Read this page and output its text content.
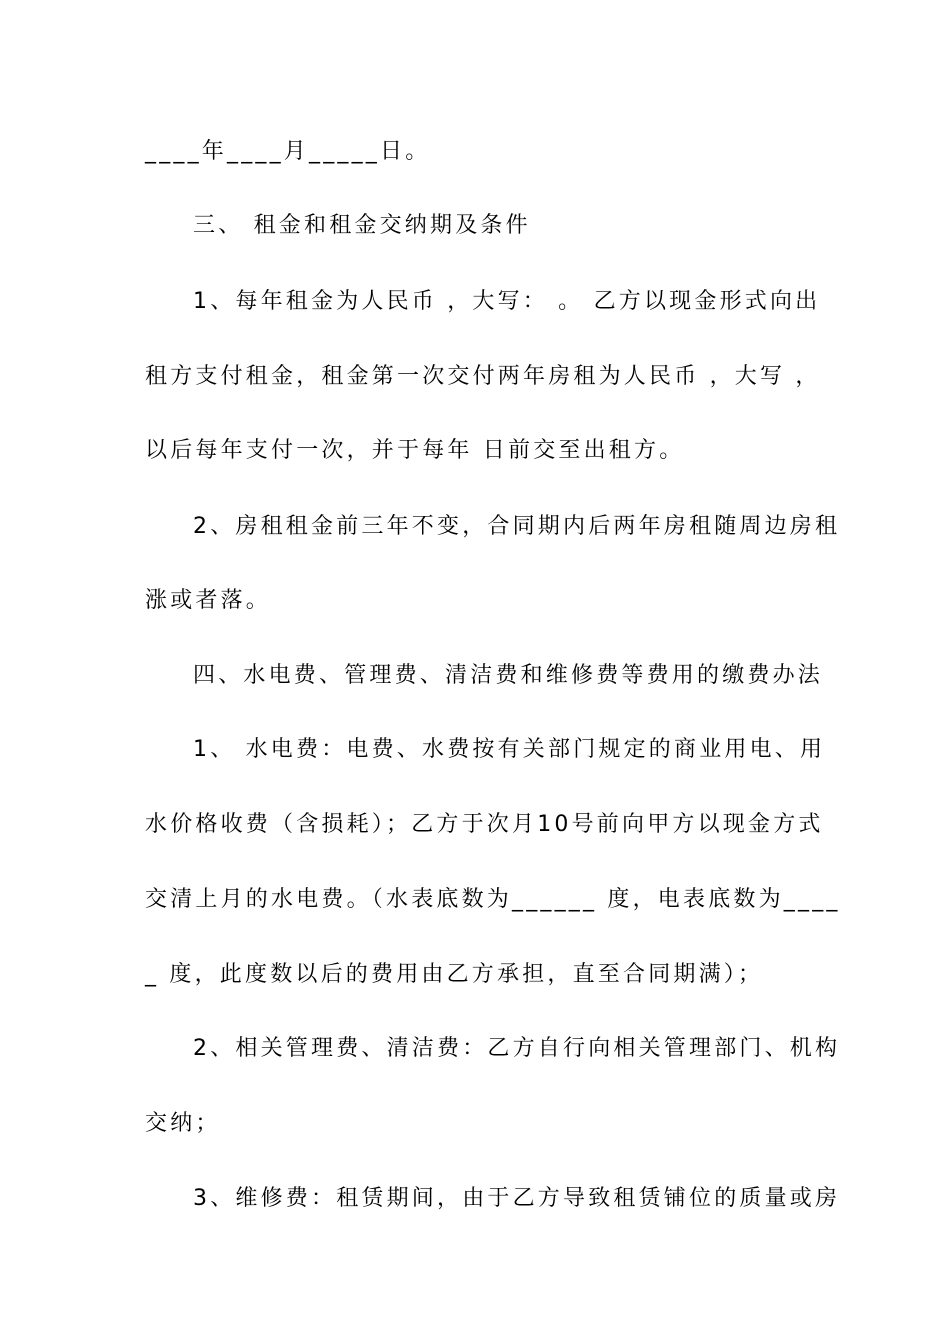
____年____月_____日。
三、 租金和租金交纳期及条件
1、每年租金为人民币 ，大写： 。 乙方以现金形式向出
租方支付租金，租金第一次交付两年房租为人民币 ，大写 ，
以后每年支付一次，并于每年 日前交至出租方。
2、房租租金前三年不变，合同期内后两年房租随周边房租
涨或者落。
四、水电费、管理费、清洁费和维修费等费用的缴费办法
1、 水电费：电费、水费按有关部门规定的商业用电、用
水价格收费（含损耗）；乙方于次月10号前向甲方以现金方式
交清上月的水电费。（水表底数为______ 度，电表底数为____
_ 度，此度数以后的费用由乙方承担，直至合同期满）；
2、相关管理费、清洁费：乙方自行向相关管理部门、机构
交纳；
3、维修费：租赁期间，由于乙方导致租赁铺位的质量或房
